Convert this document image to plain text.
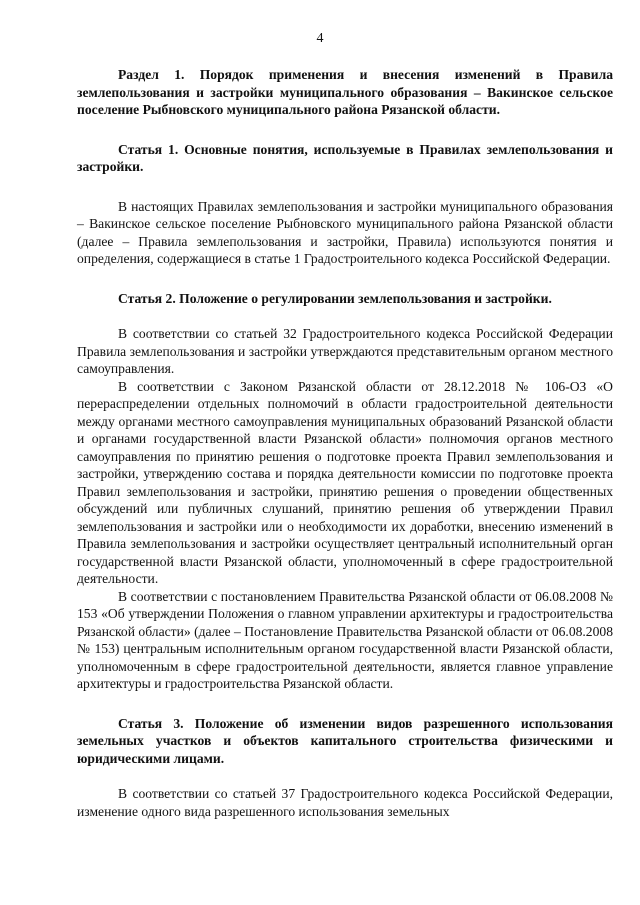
4
Раздел 1. Порядок применения и внесения изменений в Правила землепользования и застройки муниципального образования – Вакинское сельское поселение Рыбновского муниципального района Рязанской области.
Статья 1. Основные понятия, используемые в Правилах землепользования и застройки.

В настоящих Правилах землепользования и застройки муниципального образования – Вакинское сельское поселение Рыбновского муниципального района Рязанской области (далее – Правила землепользования и застройки, Правила) используются понятия и определения, содержащиеся в статье 1 Градостроительного кодекса Российской Федерации.

Статья 2. Положение о регулировании землепользования и застройки.

В соответствии со статьей 32 Градостроительного кодекса Российской Федерации Правила землепользования и застройки утверждаются представительным органом местного самоуправления.

В соответствии с Законом Рязанской области от 28.12.2018 № 106-ОЗ «О перераспределении отдельных полномочий в области градостроительной деятельности между органами местного самоуправления муниципальных образований Рязанской области и органами государственной власти Рязанской области» полномочия органов местного самоуправления по принятию решения о подготовке проекта Правил землепользования и застройки, утверждению состава и порядка деятельности комиссии по подготовке проекта Правил землепользования и застройки, принятию решения о проведении общественных обсуждений или публичных слушаний, принятию решения об утверждении Правил землепользования и застройки или о необходимости их доработки, внесению изменений в Правила землепользования и застройки осуществляет центральный исполнительный орган государственной власти Рязанской области, уполномоченный в сфере градостроительной деятельности.

В соответствии с постановлением Правительства Рязанской области от 06.08.2008 № 153 «Об утверждении Положения о главном управлении архитектуры и градостроительства Рязанской области» (далее – Постановление Правительства Рязанской области от 06.08.2008 № 153) центральным исполнительным органом государственной власти Рязанской области, уполномоченным в сфере градостроительной деятельности, является главное управление архитектуры и градостроительства Рязанской области.

Статья 3. Положение об изменении видов разрешенного использования земельных участков и объектов капитального строительства физическими и юридическими лицами.

В соответствии со статьей 37 Градостроительного кодекса Российской Федерации, изменение одного вида разрешенного использования земельных
